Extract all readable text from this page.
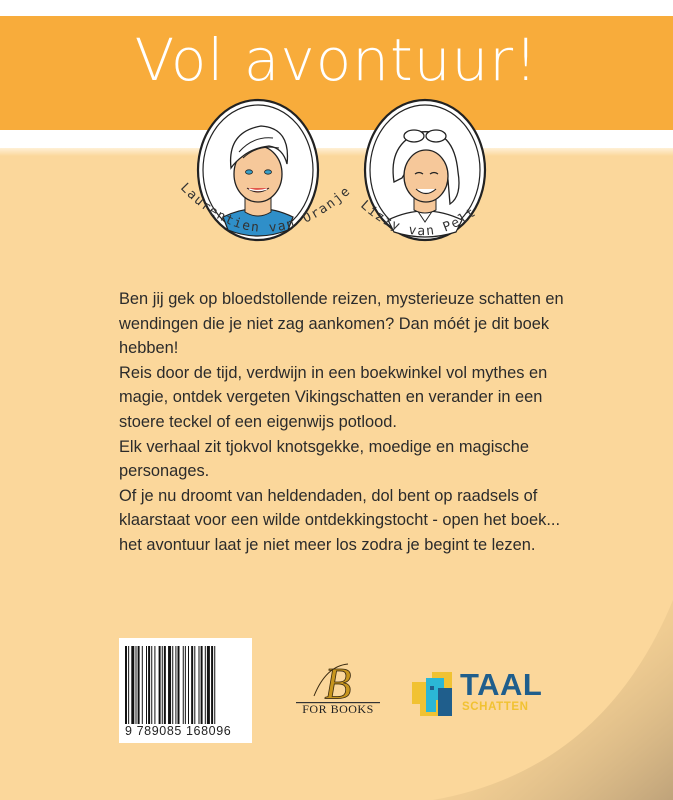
Vol avontuur!
Laurentien van Oranje
Lizzy van Pelt

Ben jij gek op bloedstollende reizen, mysterieuze schatten en wendingen die je niet zag aankomen? Dan móét je dit boek hebben!

Reis door de tijd, verdwijn in een boekwinkel vol mythes en magie, ontdek vergeten Vikingschatten en verander in een stoere teckel of een eigenwijs potlood.

Elk verhaal zit tjokvol knotsgekke, moedige en magische personages.

Of je nu droomt van heldendaden, dol bent op raadsels of klaarstaat voor een wilde ontdekkingstocht - open het boek... het avontuur laat je niet meer los zodra je begint te lezen.

9 789085 168096
B
FOR BOOKS
TAAL
SCHATTEN
